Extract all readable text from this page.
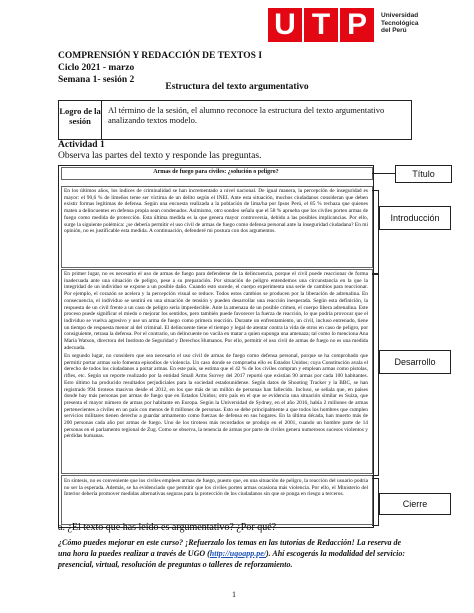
U T P	Universidad
Tecnológica
del Perú
COMPRENSIÓN Y REDACCIÓN DE TEXTOS I
Ciclo 2021 - marzo
Semana 1- sesión 2
Estructura del texto argumentativo
Logro de la sesión
Al término de la sesión, el alumno reconoce la estructura del texto argumentativo analizando textos modelo.
Actividad 1
Observa las partes del texto y responde las preguntas.
Armas de fuego para civiles: ¿solución o peligro?

En los últimos años, los índices de criminalidad se han incrementado a nivel nacional. De igual manera, la percepción de inseguridad es mayor: el 90,6 % de limeños teme ser víctima de un delito según el INEI. Ante esta situación, muchos ciudadanos consideran que deben existir formas legítimas de defensa. Según una encuesta realizada a la población de lima/ha por Ipsos Perú, el 85 % rechaza que quienes maten a delincuentes en defensa propia sean condenados. Asimismo, otro sondeo señala que el 58 % aprueba que los civiles porten armas de fuego como medida de protección. Esta última medida es la que genera mayor controversia, debido a las posibles implicancias. Por ello, surge la siguiente polémica: ¿se debería permitir el uso civil de armas de fuego como defensa personal ante la inseguridad ciudadana? En mi opinión, no es justificable esta medida. A continuación, defenderé mi postura con dos argumentos.

En primer lugar, no es necesario el uso de armas de fuego para defenderse de la delincuencia, porque el civil puede reaccionar de forma inadecuada ante una situación de peligro, pese a su preparación. Por situación de peligro entendemos una circunstancia en la que la integridad de un individuo se expone a un posible daño. Cuando esto sucede, el cuerpo experimenta una serie de cambios para reaccionar. Por ejemplo, el corazón se acelera y la percepción visual se reduce. Todos estos cambios se producen por la liberación de adrenalina. En consecuencia, el individuo se sentirá en una situación de tensión y pueden desarrollar una reacción inesperada. Según esta definición, la respuesta de un civil frente a un caso de peligro sería impredecible. Ante la amenaza de un posible crimen, el cuerpo libera adrenalina. Este proceso puede significar el miedo o mejorar los sentidos, pero también puede favorecer la fuerza de reacción, lo que podría provocar que el individuo se vuelva agresivo y use un arma de fuego como primera reacción. Durante un enfrentamiento, un civil, incluso entrenado, tiene un tiempo de respuesta menor al del criminal. El delincuente tiene el tiempo y legal de atentar contra la vida de otros en caso de peligro, por consiguiente, retrasa la defensa. Por el contrario, un delincuente no vacila en matar a quien suponga una amenaza; tal como lo menciona Ana María Watson, directora del Instituto de Seguridad y Derechos Humanos. Por ello, permitir el uso civil de armas de fuego no es una medida adecuada.

En segundo lugar, no considero que sea necesario el uso civil de armas de fuego como defensa personal, porque se ha comprobado que permitir portar armas solo fomenta episodios de violencia. Un caso donde se comprueba ello es Estados Unidos; cuya Constitución avala el derecho de todos los ciudadanos a portar armas. En este país, se estima que el 42 % de los civiles compran y emplean armas como pistolas, rifles, etc. Según un reporte realizado por la entidad Small Arms Survey del 2017 reportó que existían 90 armas por cada 100 habitantes. Esto último ha producido resultados perjudiciales para la sociedad estadounidense. Según datos de Shooting Tracker y la BBC, se han registrado 994 tiroteos masivos desde el 2012, en los que más de un millón de personas han fallecido. Incluso, se señala que, en países donde hay más personas por armas de fuego que en Estados Unidos; otro país en el que se evidencia una situación similar es Suiza, que presenta el mayor número de armas por habitante en Europa. Según la Universidad de Sydney, en el año 2016, había 2 millones de armas pertenecientes a civiles en un país con menos de 8 millones de personas. Esto se debe principalmente a que todos los hombres que cumplen servicios militares tienen derecho a guardar armamento como fuerzas de defensa en sus hogares. En la última década, han muerto más de 200 personas cada año por armas de fuego. Uno de los tiroteos más recordados se produjo en el 2001, cuando un hombre parte de 14 personas en el parlamento regional de Zug. Como se observa, la tenencia de armas por parte de civiles genera numerosos sucesos violentos y pérdidas humanas.

En síntesis, no es conveniente que los civiles empleen armas de fuego, puesto que, en una situación de peligro, la reacción del usuario podría no ser la esperada. Además, se ha evidenciado que permitir que los civiles porten armas ocasiona más violencia. Por ello, el Ministerio del Interior debería promover medidas alternativas seguras para la protección de los ciudadanos sin que se ponga en riesgo a terceros.

Título
Introducción
Desarrollo
Cierre
a. ¿El texto que has leído es argumentativo? ¿Por qué?
¿Cómo puedes mejorar en este curso? ¡Refuerzalo los temas en las tutorías de Redacción! La reserva de una hora la puedes realizar a través de UGO (http://ugoapp.pe/). Ahí escogerás la modalidad del servicio: presencial, virtual, resolución de preguntas o talleres de reforzamiento.
1
